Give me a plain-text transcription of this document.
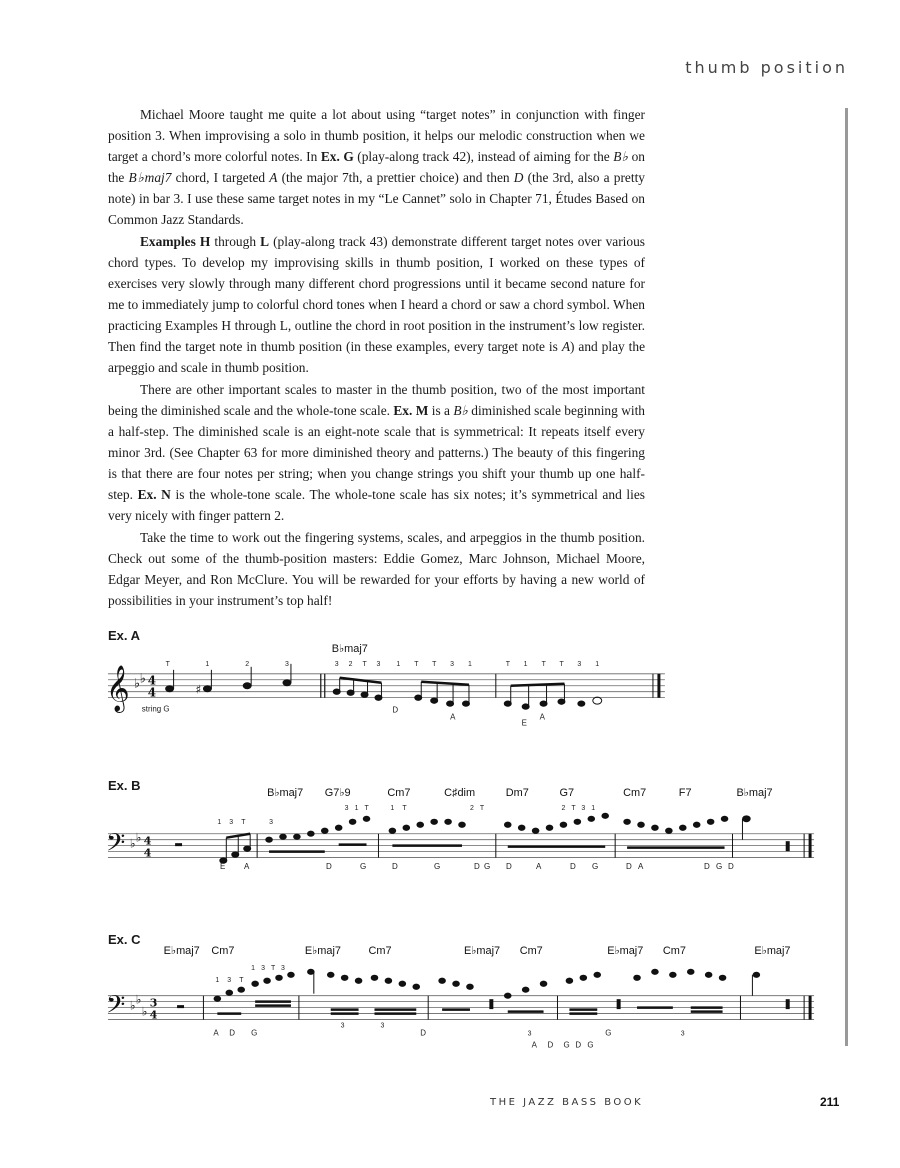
thumb position

Michael Moore taught me quite a lot about using “target notes” in conjunction with finger position 3. When improvising a solo in thumb position, it helps our melodic construction when we target a chord’s more colorful notes. In Ex. G (play-along track 42), instead of aiming for the B♭ on the B♭maj7 chord, I targeted A (the major 7th, a prettier choice) and then D (the 3rd, also a pretty note) in bar 3. I use these same target notes in my “Le Cannet” solo in Chapter 71, Études Based on Common Jazz Standards.

Examples H through L (play-along track 43) demonstrate different target notes over various chord types. To develop my improvising skills in thumb position, I worked on these types of exercises very slowly through many different chord progressions until it became second nature for me to immediately jump to colorful chord tones when I heard a chord or saw a chord symbol. When practicing Examples H through L, outline the chord in root position in the instrument’s low register. Then find the target note in thumb position (in these examples, every target note is A) and play the arpeggio and scale in thumb position.

There are other important scales to master in the thumb position, two of the most important being the diminished scale and the whole-tone scale. Ex. M is a B♭ diminished scale beginning with a half-step. The diminished scale is an eight-note scale that is symmetrical: It repeats itself every minor 3rd. (See Chapter 63 for more diminished theory and patterns.) The beauty of this fingering is that there are four notes per string; when you change strings you shift your thumb up one half-step. Ex. N is the whole-tone scale. The whole-tone scale has six notes; it’s symmetrical and lies very nicely with finger pattern 2.

Take the time to work out the fingering systems, scales, and arpeggios in the thumb position. Check out some of the thumb-position masters: Eddie Gomez, Marc Johnson, Michael Moore, Edgar Meyer, and Ron McClure. You will be rewarded for your efforts by having a new world of possibilities in your instrument’s top half!

Ex. A
B♭maj7
T	1	2	3	3 2 T 3 1 T T 3 1	T 1 T T 3 1
𝄞 ♭ ♭ 4
4	♯
string G	D
A
E
A
Ex. B	B♭maj7 G7♭9	Cm7	C♯dim	Dm7	G7	Cm7	F7	B♭maj7
1 3 T	3
3 1 T	1 T	2 T	2 T 3 1
𝄢 ♭ ♭ 4
4
E A	D	G	D	G	D G D	A	D G	D A	D G D
Ex. C
E♭maj7 Cm7	E♭maj7	Cm7	E♭maj7 Cm7	E♭maj7 Cm7	E♭maj7
1 3 T
1 3 T 3
𝄢 ♭ ♭
♭
3
4
3	3
3	3
A D G	D
A D G D G
G
THE JAZZ BASS BOOK	211
